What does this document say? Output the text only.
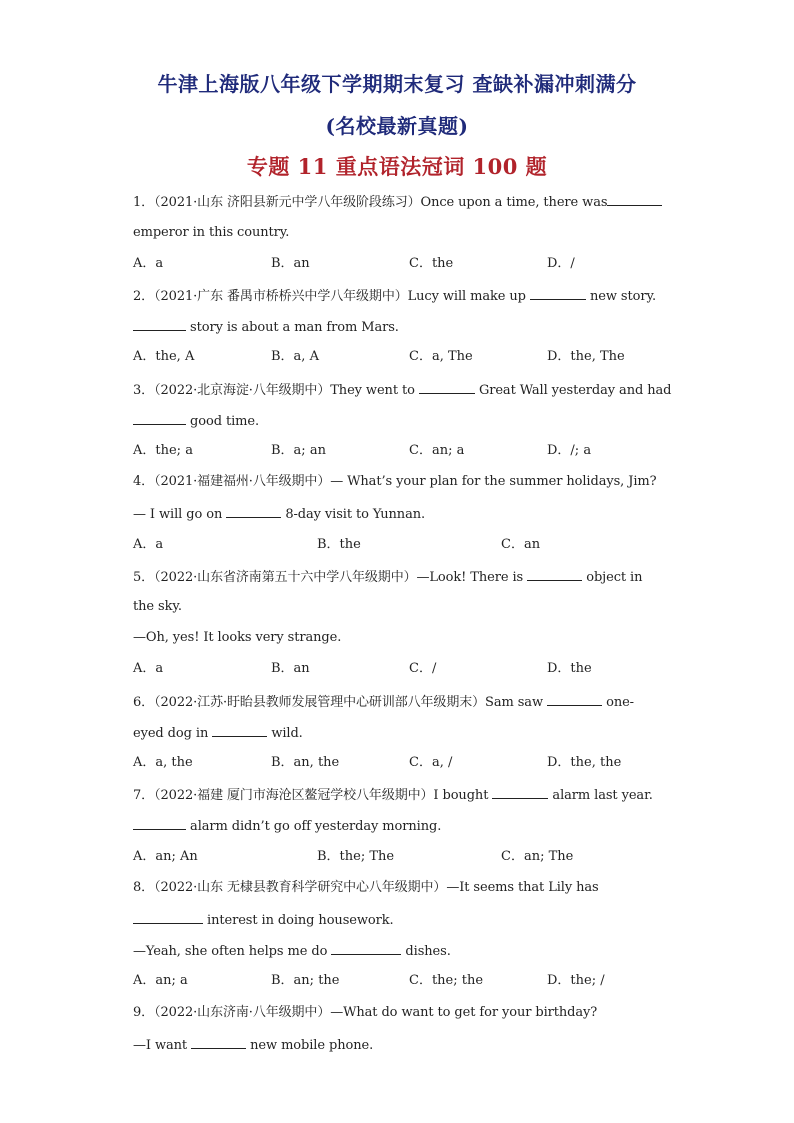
牛津上海版八年级下学期期末复习 查缺补漏冲刺满分
(名校最新真题)
专题 11 重点语法冠词 100 题
1．（2021·山东 济阳县新元中学八年级阶段练习）Once upon a time, there was
emperor in this country.
A．a	B．an	C．the	D．/
2．（2021·广东 番禺市桥桥兴中学八年级期中）Lucy will make up	new story.
story is about a man from Mars.
A．the, A	B．a, A	C．a, The	D．the, The
3．（2022·北京海淀·八年级期中）They went to	Great Wall yesterday and had
good time.
A．the; a	B．a; an	C．an; a	D．/; a
4．（2021·福建福州·八年级期中）— What’s your plan for the summer holidays, Jim?
— I will go on	8-day visit to Yunnan.
A．a	B．the	C．an
5．（2022·山东省济南第五十六中学八年级期中）—Look! There is	object in
the sky.
—Oh, yes! It looks very strange.
A．a	B．an	C．/	D．the
6．（2022·江苏·盱眙县教师发展管理中心研训部八年级期末）Sam saw	one-
eyed dog in	wild.
A．a, the	B．an, the	C．a, /	D．the, the
7．（2022·福建 厦门市海沧区鳌冠学校八年级期中）I bought	alarm last year.
alarm didn’t go off yesterday morning.
A．an; An	B．the; The	C．an; The
8．（2022·山东 无棣县教育科学研究中心八年级期中）—It seems that Lily has
interest in doing housework.
—Yeah, she often helps me do	dishes.
A．an; a	B．an; the	C．the; the	D．the; /
9．（2022·山东济南·八年级期中）—What do want to get for your birthday?
—I want	new mobile phone.
